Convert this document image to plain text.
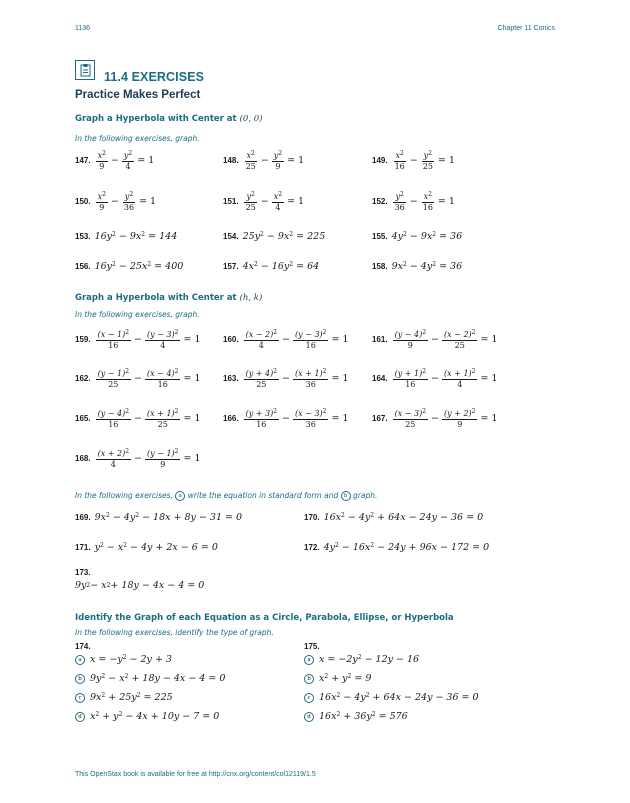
1136	Chapter 11 Conics
11.4 EXERCISES
Practice Makes Perfect
Graph a Hyperbola with Center at (0, 0)
In the following exercises, graph.
147. $\frac{x^2}{9} - \frac{y^2}{4} = 1$	148. $\frac{x^2}{25} - \frac{y^2}{9} = 1$	149. $\frac{x^2}{16} - \frac{y^2}{25} = 1$
150. $\frac{x^2}{9} - \frac{y^2}{36} = 1$	151. $\frac{y^2}{25} - \frac{x^2}{4} = 1$	152. $\frac{y^2}{36} - \frac{x^2}{16} = 1$
159. $\frac{(x - 1)^2}{16} - \frac{(y - 3)^2}{4} = 1$	160. $\frac{(x - 2)^2}{4} - \frac{(y - 3)^2}{16} = 1$	161. $\frac{(y - 4)^2}{9} - \frac{(x - 2)^2}{25} = 1$
162. $\frac{(y - 1)^2}{25} - \frac{(x - 4)^2}{16} = 1$	163. $\frac{(y + 4)^2}{25} - \frac{(x + 1)^2}{36} = 1$	164. $\frac{(y + 1)^2}{16} - \frac{(x + 1)^2}{4} = 1$
165. $\frac{(y - 4)^2}{16} - \frac{(x + 1)^2}{25} = 1$	166. $\frac{(y + 3)^2}{16} - \frac{(x - 3)^2}{36} = 1$	167. $\frac{(x - 3)^2}{25} - \frac{(y + 2)^2}{9} = 1$
168. $\frac{(x + 2)^2}{4} - \frac{(y - 1)^2}{9} = 1$
153. $16y^2 - 9x^2 = 144$	154. $25y^2 - 9x^2 = 225$	155. $4y^2 - 9x^2 = 36$
156. $16y^2 - 25x^2 = 400$	157. $4x^2 - 16y^2 = 64$	158. $9x^2 - 4y^2 = 36$
169. $9x^2 - 4y^2 - 18x + 8y - 31 = 0$	170. $16x^2 - 4y^2 + 64x - 24y - 36 = 0$
171. $y^2 - x^2 - 4y + 2x - 6 = 0$	172. $4y^2 - 16x^2 - 24y + 96x - 172 = 0$
173.
9y 2 − x 2 + 18y − 4x − 4 = 0
Graph a Hyperbola with Center at (h, k)
In the following exercises, graph.
In the following exercises, a write the equation in standard form and b graph.
Identify the Graph of each Equation as a Circle, Parabola, Ellipse, or Hyperbola
In the following exercises, identify the type of graph.
174.
a $x = -y^2 - 2y + 3$
b $9y^2 - x^2 + 18y - 4x - 4 = 0$
c $9x^2 + 25y^2 = 225$
d $x^2 + y^2 - 4x + 10y - 7 = 0$
175.
a $x = -2y^2 - 12y - 16$
b $x^2 + y^2 = 9$
c $16x^2 - 4y^2 + 64x - 24y - 36 = 0$
d $16x^2 + 36y^2 = 576$
This OpenStax book is available for free at http://cnx.org/content/col12119/1.5
